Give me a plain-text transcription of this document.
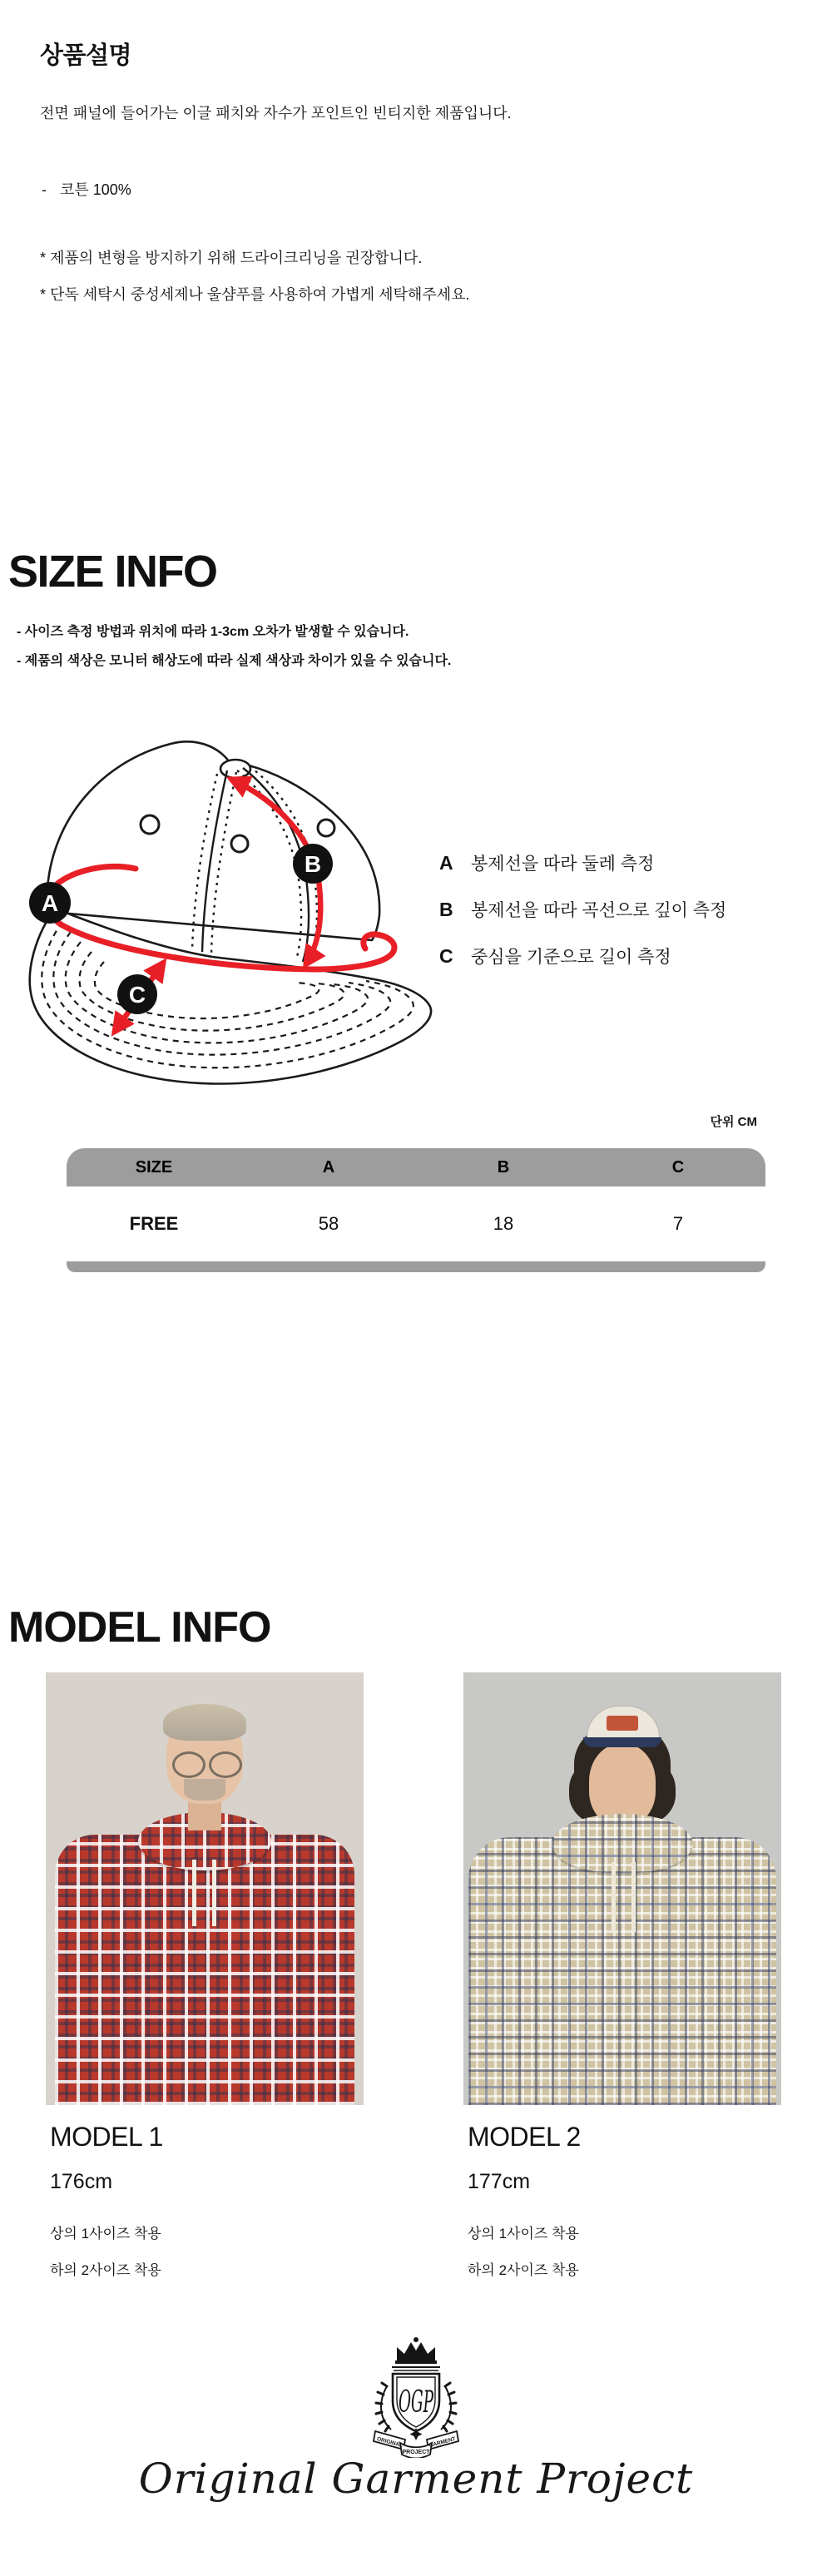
상품설명
전면 패널에 들어가는 이글 패치와 자수가 포인트인 빈티지한 제품입니다.
- 코튼 100%
* 제품의 변형을 방지하기 위해 드라이크리닝을 권장합니다.
* 단독 세탁시 중성세제나 울샴푸를 사용하여 가볍게 세탁해주세요.
SIZE INFO
- 사이즈 측정 방법과 위치에 따라 1-3cm 오차가 발생할 수 있습니다.
- 제품의 색상은 모니터 해상도에 따라 실제 색상과 차이가 있을 수 있습니다.
A
B
C
A	봉제선을 따라 둘레 측정
B	봉제선을 따라 곡선으로 깊이 측정
C	중심을 기준으로 길이 측정
단위 CM
SIZE	A	B	C
FREE	58	18	7
MODEL INFO
MODEL 1
176cm
상의 1사이즈 착용
하의 2사이즈 착용
MODEL 2
177cm
상의 1사이즈 착용
하의 2사이즈 착용
OGP
ORIGINAL	GARMENT
PROJECT
Original Garment Project
